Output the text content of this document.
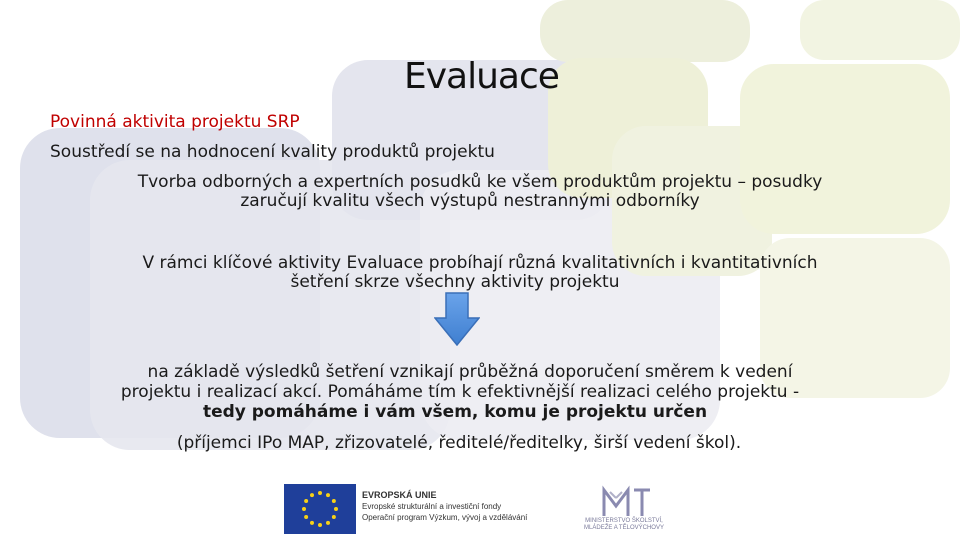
Evaluace
Povinná aktivita projektu SRP
Soustředí se na hodnocení kvality produktů projektu
Tvorba odborných a expertních posudků ke všem produktům projektu – posudky
zaručují kvalitu všech výstupů nestrannými odborníky
V rámci klíčové aktivity Evaluace probíhají různá kvalitativních i kvantitativních
šetření skrze všechny aktivity projektu
na základě výsledků šetření vznikají průběžná doporučení směrem k vedení
projektu i realizací akcí. Pomáháme tím k efektivnější realizaci celého projektu -
tedy pomáháme i vám všem, komu je projektu určen
(příjemci IPo MAP, zřizovatelé, ředitelé/ředitelky, širší vedení škol).
EVROPSKÁ UNIE
Evropské strukturální a investiční fondy
Operační program Výzkum, vývoj a vzdělávání	MINISTERSTVO ŠKOLSTVÍ,
MLÁDEŽE A TĚLOVÝCHOVY
